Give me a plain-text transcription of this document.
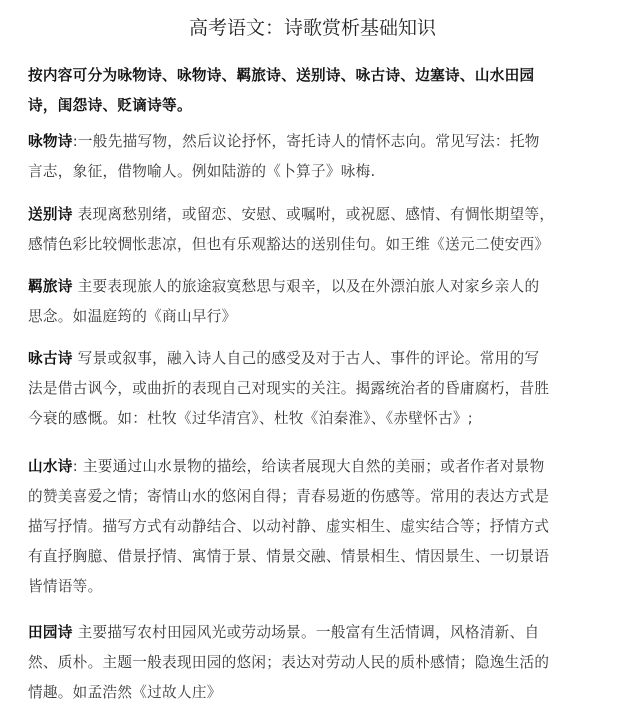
高考语文：诗歌赏析基础知识
按内容可分为咏物诗、咏物诗、羁旅诗、送别诗、咏古诗、边塞诗、山水田园
诗，闺怨诗、贬谪诗等。
咏物诗:一般先描写物，然后议论抒怀，寄托诗人的情怀志向。常见写法：托物
言志，象征，借物喻人。例如陆游的《卜算子》咏梅.
送别诗 表现离愁别绪，或留恋、安慰、或嘱咐，或祝愿、感情、有惆怅期望等，
感情色彩比较惆怅悲凉，但也有乐观豁达的送别佳句。如王维《送元二使安西》
羁旅诗 主要表现旅人的旅途寂寞愁思与艰辛，以及在外漂泊旅人对家乡亲人的
思念。如温庭筠的《商山早行》
咏古诗 写景或叙事，融入诗人自己的感受及对于古人、事件的评论。常用的写
法是借古讽今，或曲折的表现自己对现实的关注。揭露统治者的昏庸腐朽，昔胜
今衰的感慨。如：杜牧《过华清宫》、杜牧《泊秦淮》、《赤壁怀古》;
山水诗: 主要通过山水景物的描绘，给读者展现大自然的美丽；或者作者对景物
的赞美喜爱之情；寄情山水的悠闲自得；青春易逝的伤感等。常用的表达方式是
描写抒情。描写方式有动静结合、以动衬静、虚实相生、虚实结合等；抒情方式
有直抒胸臆、借景抒情、寓情于景、情景交融、情景相生、情因景生、一切景语
皆情语等。
田园诗 主要描写农村田园风光或劳动场景。一般富有生活情调，风格清新、自
然、质朴。主题一般表现田园的悠闲；表达对劳动人民的质朴感情；隐逸生活的
情趣。如孟浩然《过故人庄》
